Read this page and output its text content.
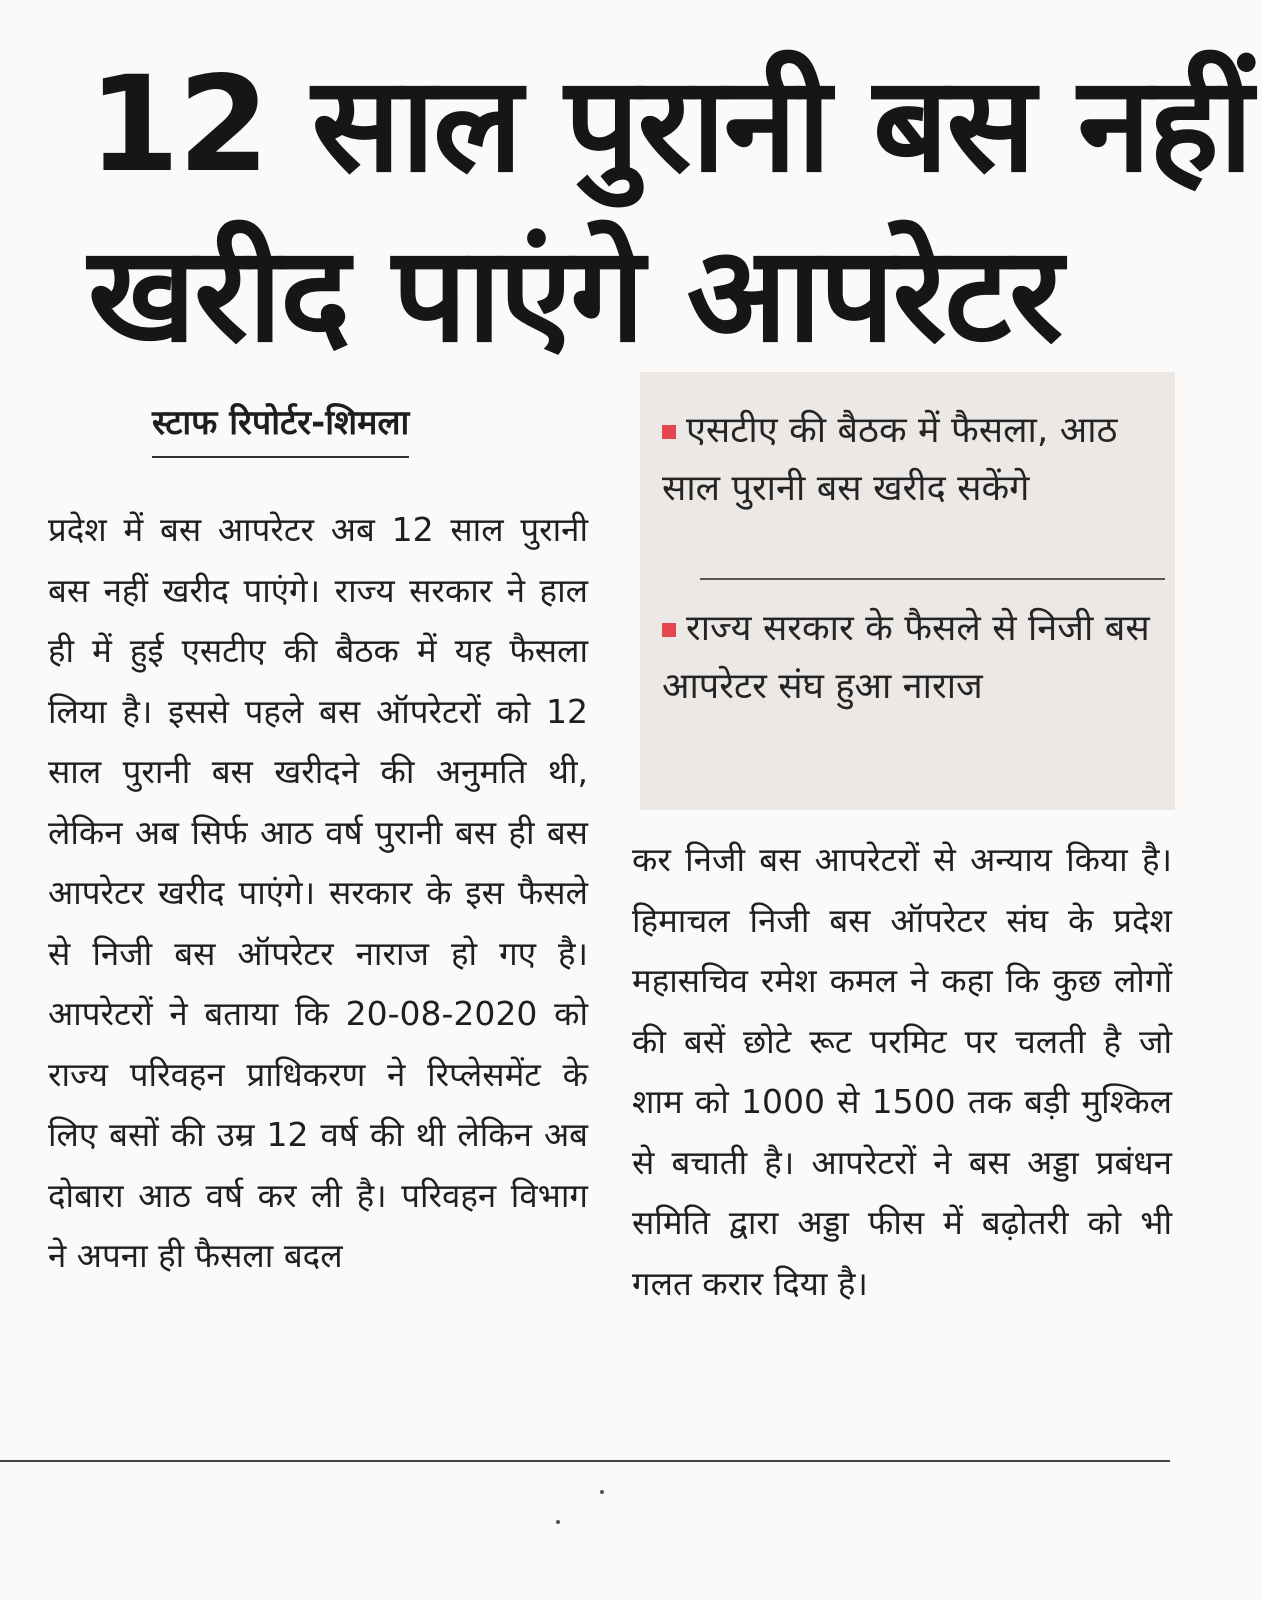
12 साल पुरानी बस नहीं
खरीद पाएंगे आपरेटर
स्टाफ रिपोर्टर-शिमला	एसटीए की बैठक में फैसला, आठ साल पुरानी बस खरीद सकेंगे
राज्य सरकार के फैसले से निजी बस आपरेटर संघ हुआ नाराज
प्रदेश में बस आपरेटर अब 12 साल पुरानी बस नहीं खरीद पाएंगे। राज्य सरकार ने हाल ही में हुई एसटीए की बैठक में यह फैसला लिया है। इससे पहले बस ऑपरेटरों को 12 साल पुरानी बस खरीदने की अनुमति थी, लेकिन अब सिर्फ आठ वर्ष पुरानी बस ही बस आपरेटर खरीद पाएंगे। सरकार के इस फैसले से निजी बस ऑपरेटर नाराज हो गए है। आपरेटरों ने बताया कि 20-08-2020 को राज्य परिवहन प्राधिकरण ने रिप्लेसमेंट के लिए बसों की उम्र 12 वर्ष की थी लेकिन अब दोबारा आठ वर्ष कर ली है। परिवहन विभाग ने अपना ही फैसला बदल
कर निजी बस आपरेटरों से अन्याय किया है। हिमाचल निजी बस ऑपरेटर संघ के प्रदेश महासचिव रमेश कमल ने कहा कि कुछ लोगों की बसें छोटे रूट परमिट पर चलती है जो शाम को 1000 से 1500 तक बड़ी मुश्किल से बचाती है। आपरेटरों ने बस अड्डा प्रबंधन समिति द्वारा अड्डा फीस में बढ़ोतरी को भी गलत करार दिया है।
